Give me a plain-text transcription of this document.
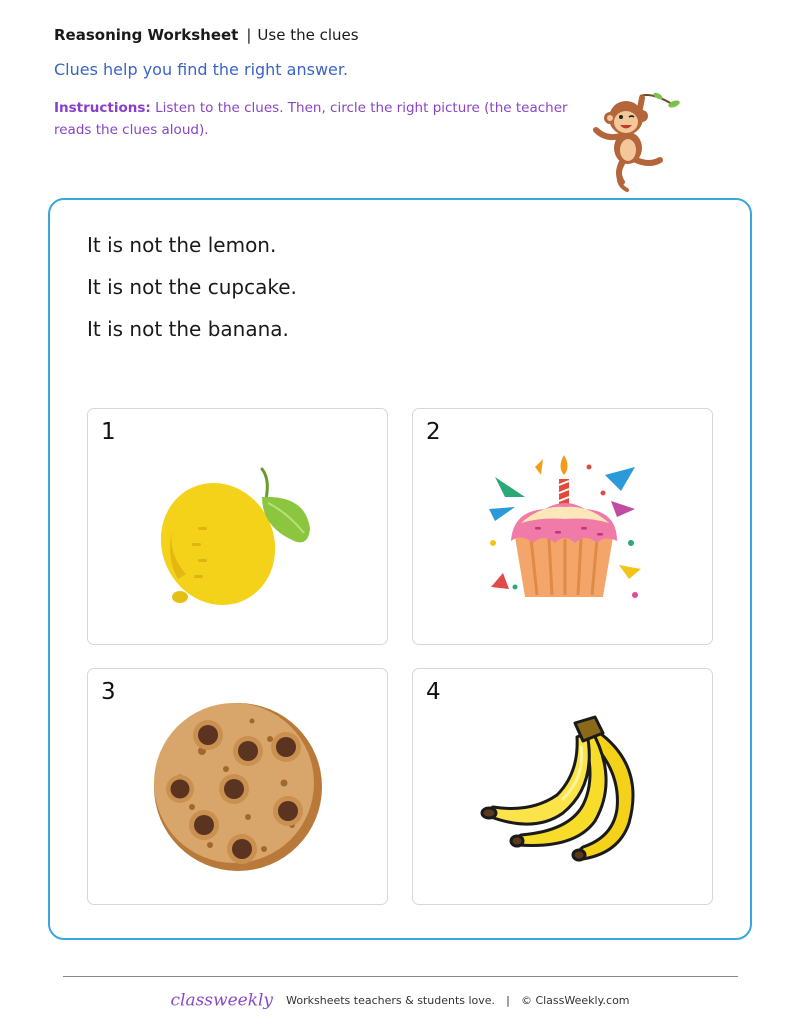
Reasoning Worksheet | Use the clues
Clues help you find the right answer.
Instructions: Listen to the clues. Then, circle the right picture (the teacher reads the clues aloud).
It is not the lemon.
It is not the cupcake.
It is not the banana.
1	2
3	4
classweekly Worksheets teachers & students love. | © ClassWeekly.com
